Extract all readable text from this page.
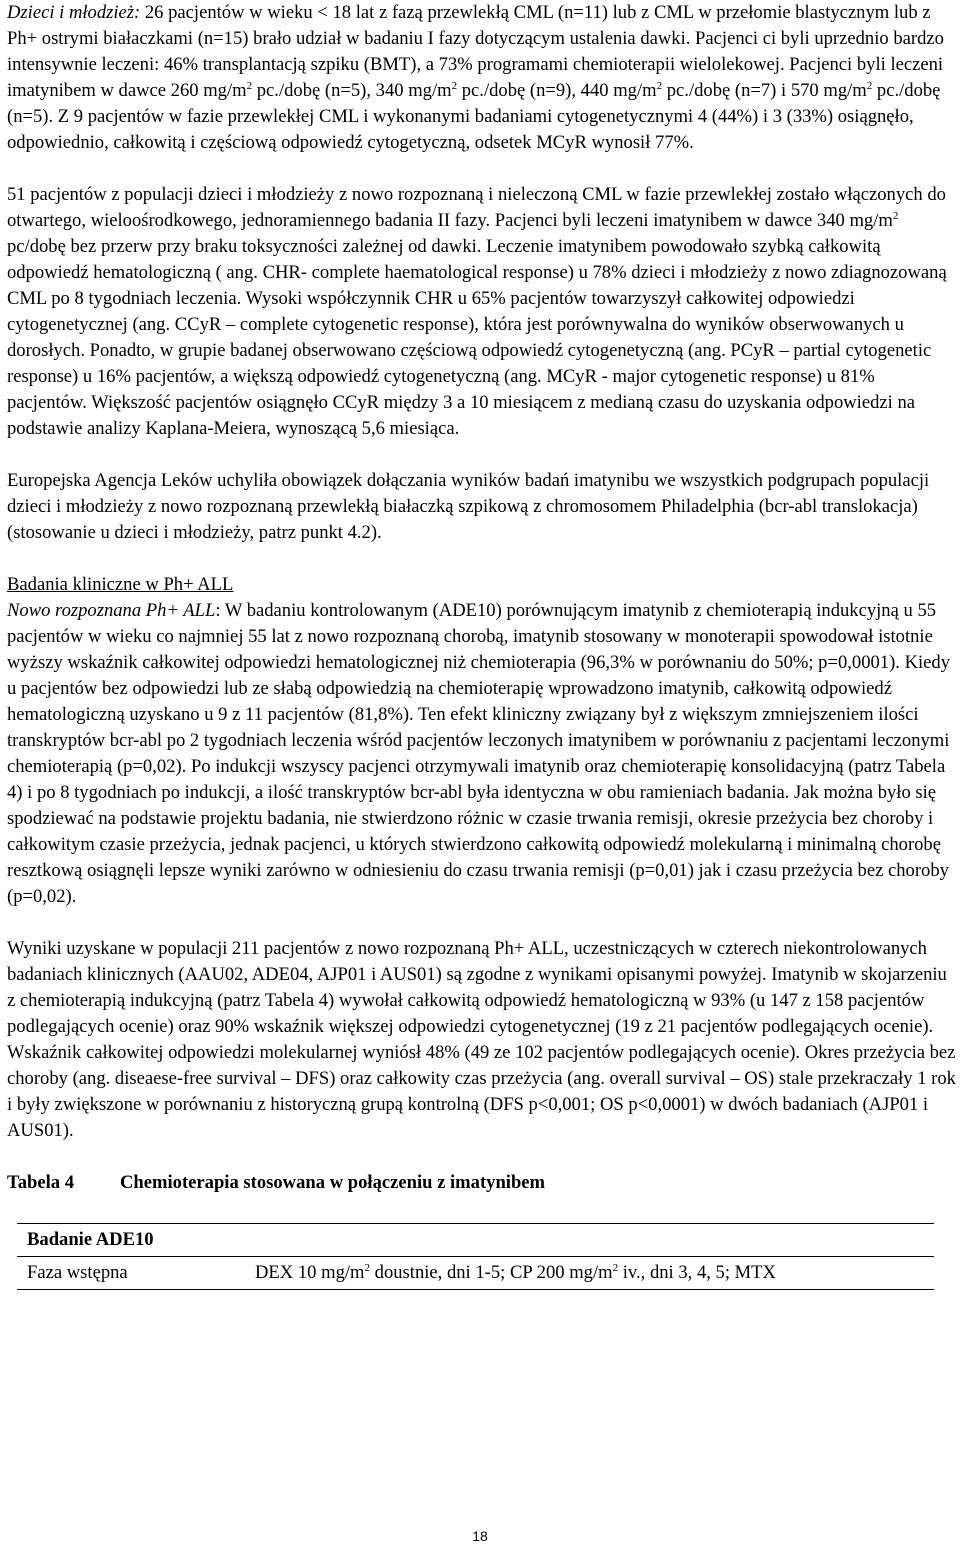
Dzieci i młodzież: 26 pacjentów w wieku < 18 lat z fazą przewlekłą CML (n=11) lub z CML w przełomie blastycznym lub z Ph+ ostrymi białaczkami (n=15) brało udział w badaniu I fazy dotyczącym ustalenia dawki. Pacjenci ci byli uprzednio bardzo intensywnie leczeni: 46% transplantacją szpiku (BMT), a 73% programami chemioterapii wielolekowej. Pacjenci byli leczeni imatynibem w dawce 260 $mg/m^2$ pc./dobę (n=5), 340 $mg/m^2$ pc./dobę (n=9), 440 $mg/m^2$ pc./dobę (n=7) i 570 $mg/m^2$ pc./dobę (n=5). Z 9 pacjentów w fazie przewlekłej CML i wykonanymi badaniami cytogenetycznymi 4 (44%) i 3 (33%) osiągnęło, odpowiednio, całkowitą i częściową odpowiedź cytogetyczną, odsetek MCyR wynosił 77%.

51 pacjentów z populacji dzieci i młodzieży z nowo rozpoznaną i nieleczoną CML w fazie przewlekłej zostało włączonych do otwartego, wieloośrodkowego, jednoramiennego badania II fazy. Pacjenci byli leczeni imatynibem w dawce 340 $mg/m^2$ pc/dobę bez przerw przy braku toksyczności zależnej od dawki. Leczenie imatynibem powodowało szybką całkowitą odpowiedź hematologiczną ( ang. CHR- complete haematological response) u 78% dzieci i młodzieży z nowo zdiagnozowaną CML po 8 tygodniach leczenia. Wysoki współczynnik CHR u 65% pacjentów towarzyszył całkowitej odpowiedzi cytogenetycznej (ang. CCyR – complete cytogenetic response), która jest porównywalna do wyników obserwowanych u dorosłych. Ponadto, w grupie badanej obserwowano częściową odpowiedź cytogenetyczną (ang. PCyR – partial cytogenetic response) u 16% pacjentów, a większą odpowiedź cytogenetyczną (ang. MCyR - major cytogenetic response) u 81% pacjentów. Większość pacjentów osiągnęło CCyR między 3 a 10 miesiącem z medianą czasu do uzyskania odpowiedzi na podstawie analizy Kaplana-Meiera, wynoszącą 5,6 miesiąca.

Europejska Agencja Leków uchyliła obowiązek dołączania wyników badań imatynibu we wszystkich podgrupach populacji dzieci i młodzieży z nowo rozpoznaną przewlekłą białaczką szpikową z chromosomem Philadelphia (bcr-abl translokacja) (stosowanie u dzieci i młodzieży, patrz punkt 4.2).

Badania kliniczne w Ph+ ALL

Nowo rozpoznana Ph+ ALL: W badaniu kontrolowanym (ADE10) porównującym imatynib z chemioterapią indukcyjną u 55 pacjentów w wieku co najmniej 55 lat z nowo rozpoznaną chorobą, imatynib stosowany w monoterapii spowodował istotnie wyższy wskaźnik całkowitej odpowiedzi hematologicznej niż chemioterapia (96,3% w porównaniu do 50%; p=0,0001). Kiedy u pacjentów bez odpowiedzi lub ze słabą odpowiedzią na chemioterapię wprowadzono imatynib, całkowitą odpowiedź hematologiczną uzyskano u 9 z 11 pacjentów (81,8%). Ten efekt kliniczny związany był z większym zmniejszeniem ilości transkryptów bcr-abl po 2 tygodniach leczenia wśród pacjentów leczonych imatynibem w porównaniu z pacjentami leczonymi chemioterapią (p=0,02). Po indukcji wszyscy pacjenci otrzymywali imatynib oraz chemioterapię konsolidacyjną (patrz Tabela 4) i po 8 tygodniach po indukcji, a ilość transkryptów bcr-abl była identyczna w obu ramieniach badania. Jak można było się spodziewać na podstawie projektu badania, nie stwierdzono różnic w czasie trwania remisji, okresie przeżycia bez choroby i całkowitym czasie przeżycia, jednak pacjenci, u których stwierdzono całkowitą odpowiedź molekularną i minimalną chorobę resztkową osiągnęli lepsze wyniki zarówno w odniesieniu do czasu trwania remisji (p=0,01) jak i czasu przeżycia bez choroby (p=0,02).

Wyniki uzyskane w populacji 211 pacjentów z nowo rozpoznaną Ph+ ALL, uczestniczących w czterech niekontrolowanych badaniach klinicznych (AAU02, ADE04, AJP01 i AUS01) są zgodne z wynikami opisanymi powyżej. Imatynib w skojarzeniu z chemioterapią indukcyjną (patrz Tabela 4) wywołał całkowitą odpowiedź hematologiczną w 93% (u 147 z 158 pacjentów podlegających ocenie) oraz 90% wskaźnik większej odpowiedzi cytogenetycznej (19 z 21 pacjentów podlegających ocenie). Wskaźnik całkowitej odpowiedzi molekularnej wyniósł 48% (49 ze 102 pacjentów podlegających ocenie). Okres przeżycia bez choroby (ang. diseaese-free survival – DFS) oraz całkowity czas przeżycia (ang. overall survival – OS) stale przekraczały 1 rok i były zwiększone w porównaniu z historyczną grupą kontrolną (DFS p<0,001; OS p<0,0001) w dwóch badaniach (AJP01 i AUS01).

Tabela 4	Chemioterapia stosowana w połączeniu z imatynibem
Badanie ADE10
Faza wstępna	DEX 10 $mg/m^2$ doustnie, dni 1-5; CP 200 $mg/m^2$ iv., dni 3, 4, 5; MTX
18
